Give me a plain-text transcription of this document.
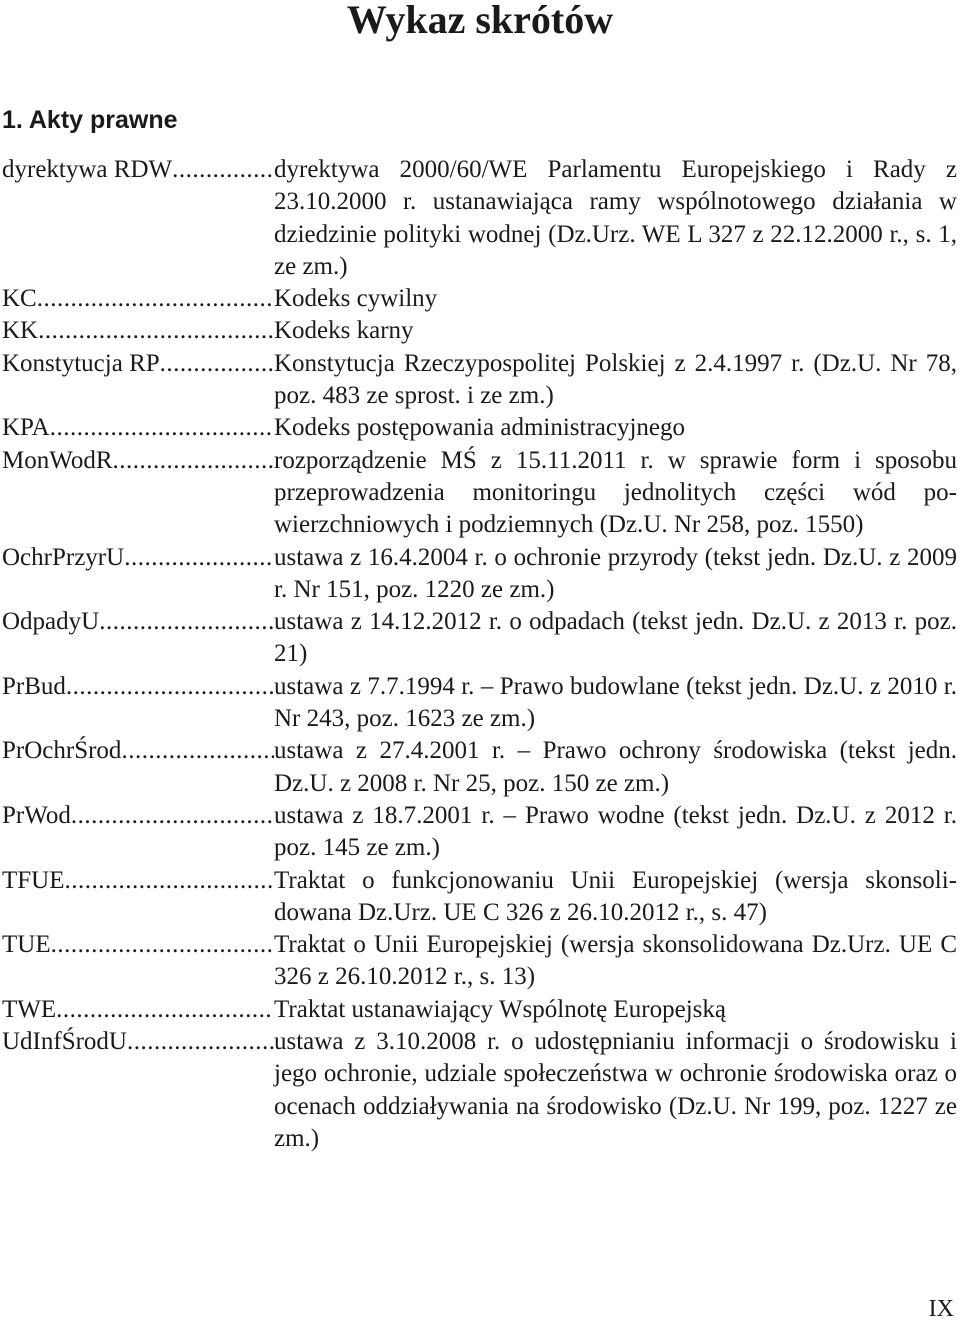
Wykaz skrótów
1. Akty prawne
dyrektywa RDW .....	dyrektywa 2000/60/WE Parlamentu Europejskiego i Rady z 23.10.2000 r. ustanawiająca ramy wspólnotowego działania w dziedzinie polityki wodnej (Dz.Urz. WE L 327 z 22.12.2000 r., s. 1, ze zm.)
KC .....	Kodeks cywilny
KK .....	Kodeks karny
Konstytucja RP .....	Konstytucja Rzeczypospolitej Polskiej z 2.4.1997 r. (Dz.U. Nr 78, poz. 483 ze sprost. i ze zm.)
KPA .....	Kodeks postępowania administracyjnego
MonWodR .....	rozporządzenie MŚ z 15.11.2011 r. w sprawie form i sposobu przeprowadzenia monitoringu jednolitych części wód powierzchniowych i podziemnych (Dz.U. Nr 258, poz. 1550)
OchrPrzyrU .....	ustawa z 16.4.2004 r. o ochronie przyrody (tekst jedn. Dz.U. z 2009 r. Nr 151, poz. 1220 ze zm.)
OdpadyU .....	ustawa z 14.12.2012 r. o odpadach (tekst jedn. Dz.U. z 2013 r. poz. 21)
PrBud .....	ustawa z 7.7.1994 r. – Prawo budowlane (tekst jedn. Dz.U. z 2010 r. Nr 243, poz. 1623 ze zm.)
PrOchrŚrod .....	ustawa z 27.4.2001 r. – Prawo ochrony środowiska (tekst jedn. Dz.U. z 2008 r. Nr 25, poz. 150 ze zm.)
PrWod .....	ustawa z 18.7.2001 r. – Prawo wodne (tekst jedn. Dz.U. z 2012 r. poz. 145 ze zm.)
TFUE .....	Traktat o funkcjonowaniu Unii Europejskiej (wersja skonsolidowana Dz.Urz. UE C 326 z 26.10.2012 r., s. 47)
TUE .....	Traktat o Unii Europejskiej (wersja skonsolidowana Dz.Urz. UE C 326 z 26.10.2012 r., s. 13)
TWE .....	Traktat ustanawiający Wspólnotę Europejską
UdInfŚrodU .....	ustawa z 3.10.2008 r. o udostępnianiu informacji o środowisku i jego ochronie, udziale społeczeństwa w ochronie środowiska oraz o ocenach oddziaływania na środowisko (Dz.U. Nr 199, poz. 1227 ze zm.)
IX
